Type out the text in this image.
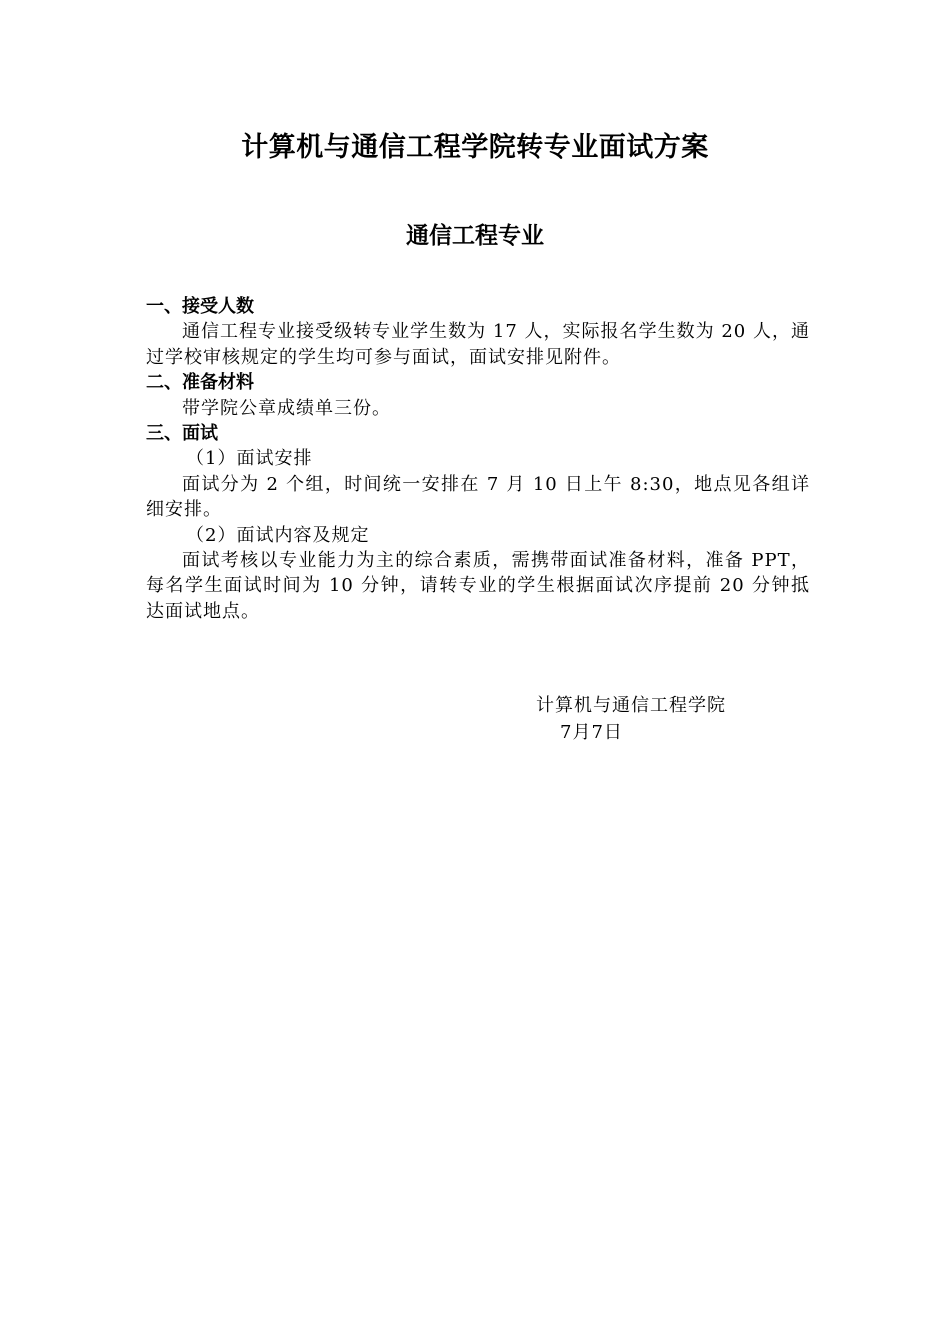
计算机与通信工程学院转专业面试方案
通信工程专业
一、接受人数
通信工程专业接受级转专业学生数为 17 人，实际报名学生数为 20 人，通过学校审核规定的学生均可参与面试，面试安排见附件。
二、准备材料
带学院公章成绩单三份。
三、面试
（1）面试安排
面试分为 2 个组，时间统一安排在 7 月 10 日上午 8:30，地点见各组详细安排。
（2）面试内容及规定
面试考核以专业能力为主的综合素质，需携带面试准备材料，准备 PPT，每名学生面试时间为 10 分钟，请转专业的学生根据面试次序提前 20 分钟抵达面试地点。
计算机与通信工程学院
7月7日
